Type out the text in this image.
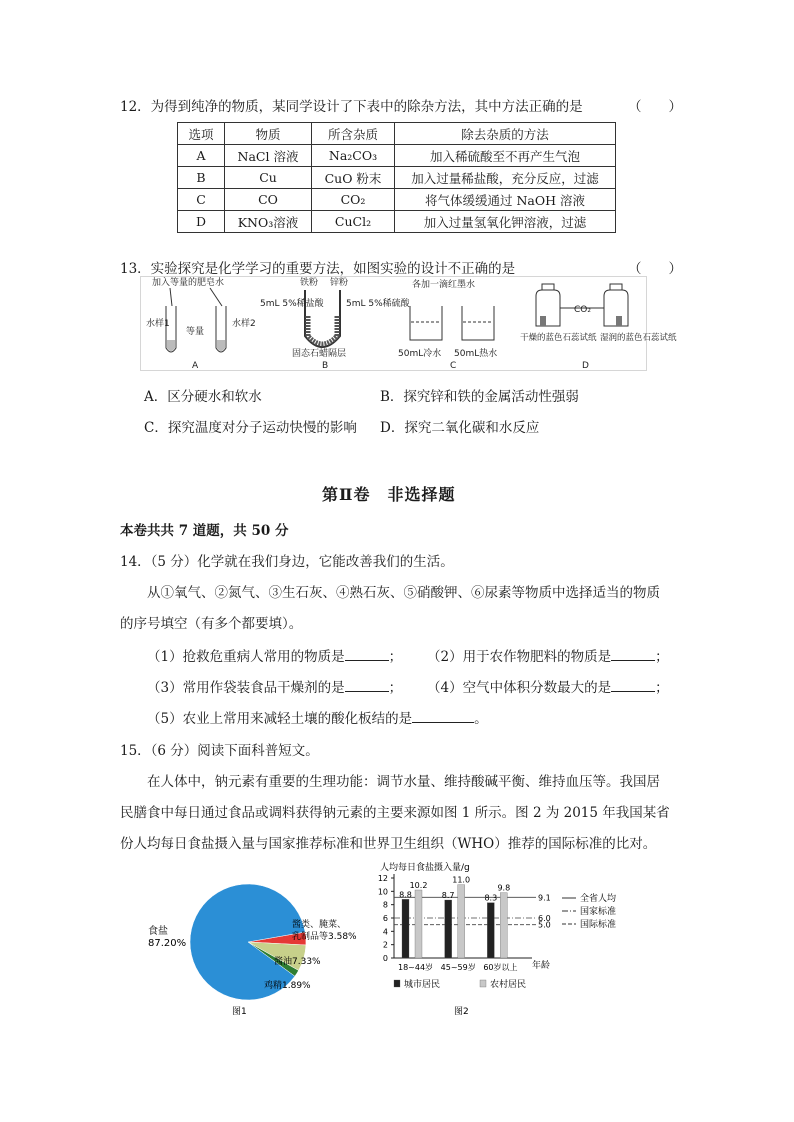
12．为得到纯净的物质，某同学设计了下表中的除杂方法，其中方法正确的是	（　　）
选项	物质	所含杂质	除去杂质的方法
A	NaCl 溶液	Na₂CO₃	加入稀硫酸至不再产生气泡
B	Cu	CuO 粉末	加入过量稀盐酸，充分反应，过滤
C	CO	CO₂	将气体缓缓通过 NaOH 溶液
D	KNO₃溶液	CuCl₂	加入过量氢氧化钾溶液，过滤
13．实验探究是化学学习的重要方法，如图实验的设计不正确的是	（　　）
加入等量的肥皂水
水样1
等量
水样2
A
铁粉 锌粉
5mL 5%稀盐酸 5mL 5%稀硫酸
固态石蜡隔层
B
各加一滴红墨水
50mL冷水 50mL热水
C
CO₂
干燥的蓝色石蕊试纸 湿润的蓝色石蕊试纸
D
A．区分硬水和软水	B．探究锌和铁的金属活动性强弱
C．探究温度对分子运动快慢的影响 D．探究二氧化碳和水反应
第Ⅱ卷　非选择题
本卷共共 7 道题，共 50 分
14．（5 分）化学就在我们身边，它能改善我们的生活。
从①氧气、②氮气、③生石灰、④熟石灰、⑤硝酸钾、⑥尿素等物质中选择适当的物质
的序号填空（有多个都要填）。
（1）抢救危重病人常用的物质是	； （2）用于农作物肥料的物质是	；
（3）常用作袋装食品干燥剂的是	； （4）空气中体积分数最大的是	；
（5）农业上常用来减轻土壤的酸化板结的是	。
15．（6 分）阅读下面科普短文。
在人体中，钠元素有重要的生理功能：调节水量、维持酸碱平衡、维持血压等。我国居
民膳食中每日通过食品或调料获得钠元素的主要来源如图 1 所示。图 2 为 2015 年我国某省
份人均每日食盐摄入量与国家推荐标准和世界卫生组织（WHO）推荐的国际标准的比对。
食盐
87.20%
酱类、腌菜、
乳制品等3.58%
酱油7.33%
鸡精1.89%
图1
人均每日食盐摄入量/g
0
2
4
6
8
10
12
9.1	全省人均
6.0
国家标准
5.0	国际标准
8.8
10.2
18~44岁
8.7
11.0
45~59岁
8.3
9.8
60岁以上
城市居民	农村居民
年龄
图2
